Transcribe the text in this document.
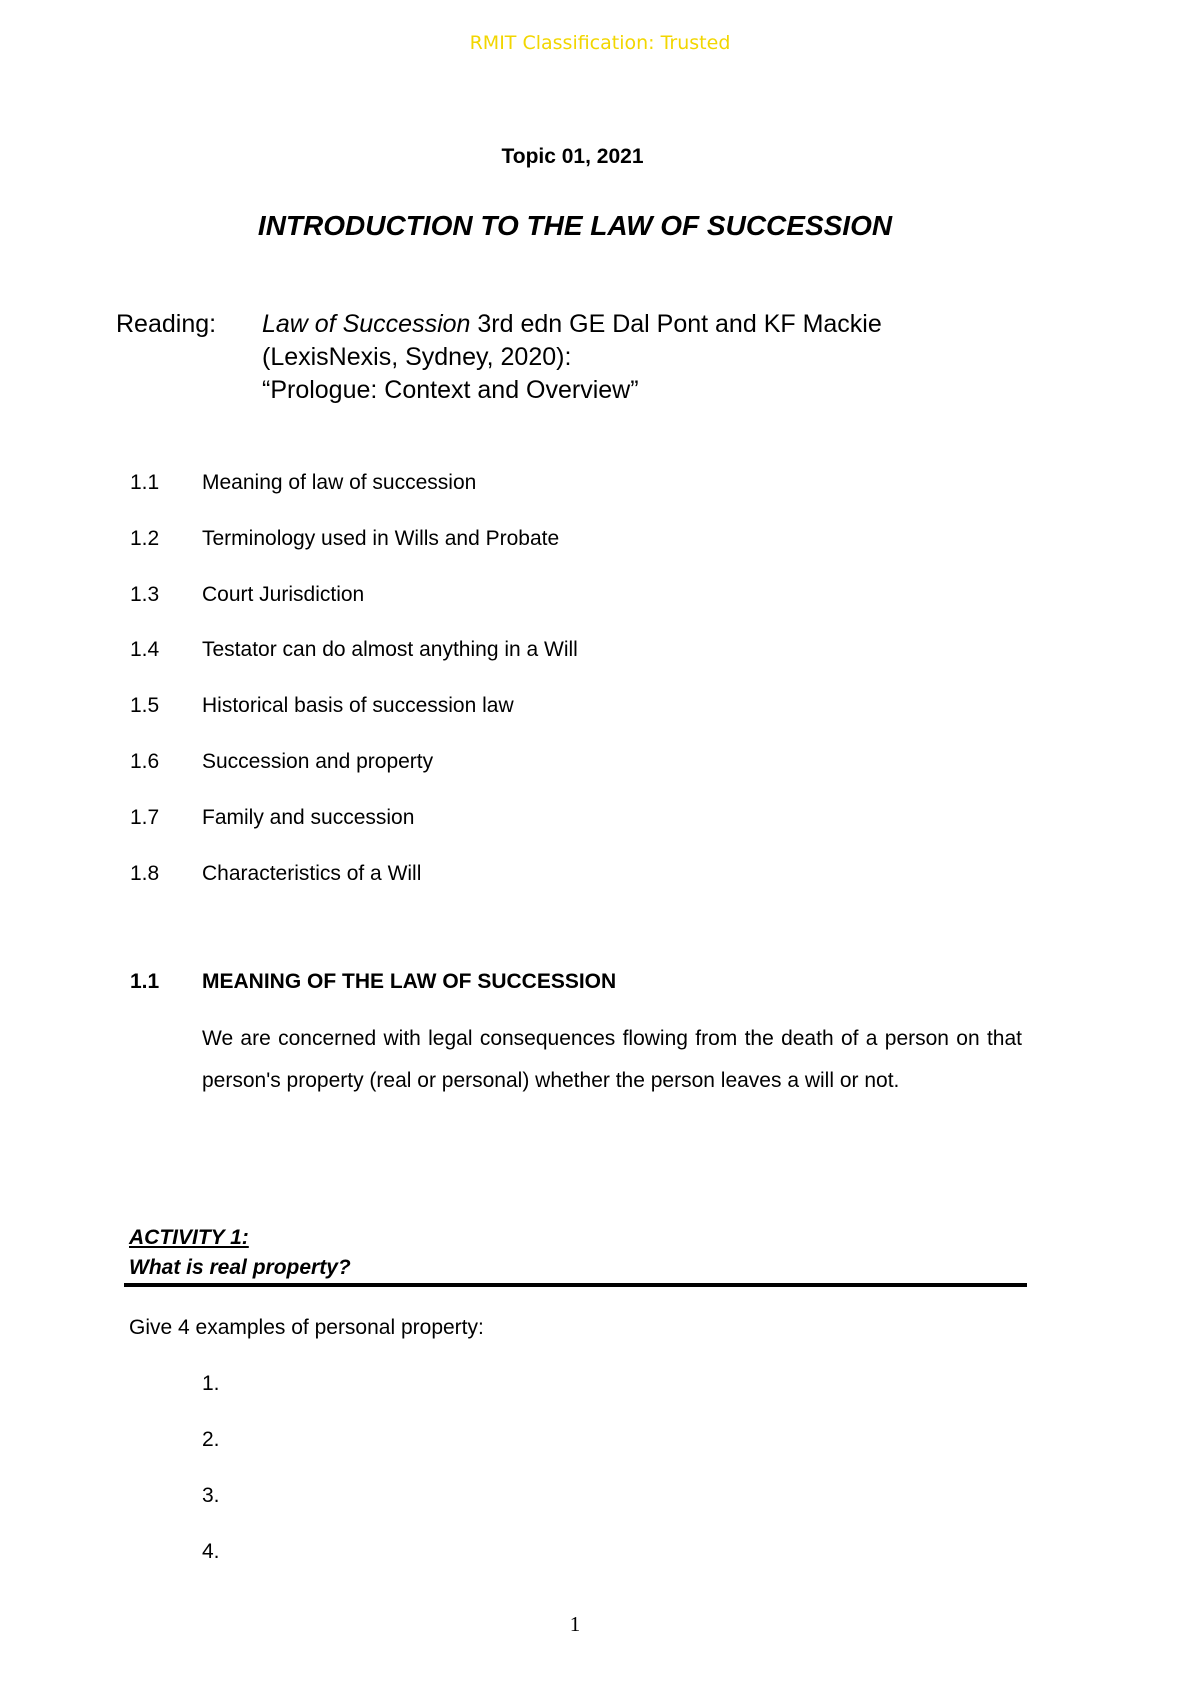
RMIT Classification: Trusted
Topic 01, 2021
INTRODUCTION TO THE LAW OF SUCCESSION
Reading: Law of Succession 3rd edn GE Dal Pont and KF Mackie
(LexisNexis, Sydney, 2020):
“Prologue: Context and Overview”
1.1 Meaning of law of succession
1.2 Terminology used in Wills and Probate
1.3 Court Jurisdiction
1.4 Testator can do almost anything in a Will
1.5 Historical basis of succession law
1.6 Succession and property
1.7 Family and succession
1.8 Characteristics of a Will
1.1 MEANING OF THE LAW OF SUCCESSION

We are concerned with legal consequences flowing from the death of a person on that person's property (real or personal) whether the person leaves a will or not.

ACTIVITY 1:
What is real property?
Give 4 examples of personal property:
1.
2.
3.
4.
1
